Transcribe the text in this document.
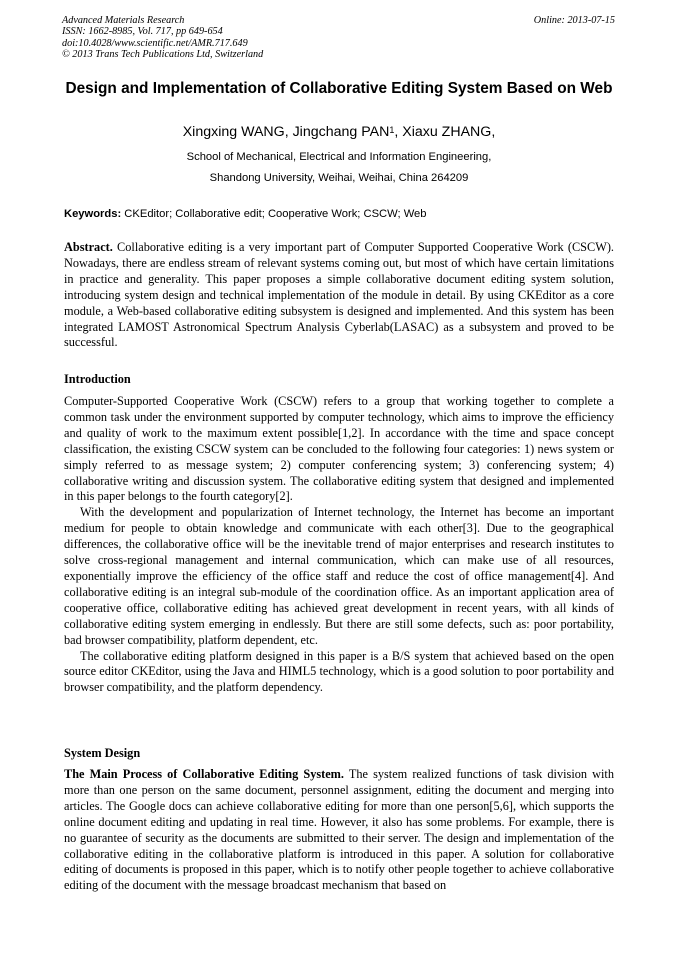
Advanced Materials Research
ISSN: 1662-8985, Vol. 717, pp 649-654
doi:10.4028/www.scientific.net/AMR.717.649
© 2013 Trans Tech Publications Ltd, Switzerland
Online: 2013-07-15
Design and Implementation of Collaborative Editing System Based on Web
Xingxing WANG, Jingchang PAN$^1$, Xiaxu ZHANG,
School of Mechanical, Electrical and Information Engineering,
Shandong University, Weihai, Weihai, China 264209
Keywords: CKEditor; Collaborative edit; Cooperative Work; CSCW; Web

Abstract. Collaborative editing is a very important part of Computer Supported Cooperative Work (CSCW). Nowadays, there are endless stream of relevant systems coming out, but most of which have certain limitations in practice and generality. This paper proposes a simple collaborative document editing system solution, introducing system design and technical implementation of the module in detail. By using CKEditor as a core module, a Web-based collaborative editing subsystem is designed and implemented. And this system has been integrated LAMOST Astronomical Spectrum Analysis Cyberlab(LASAC) as a subsystem and proved to be successful.

Introduction

Computer-Supported Cooperative Work (CSCW) refers to a group that working together to complete a common task under the environment supported by computer technology, which aims to improve the efficiency and quality of work to the maximum extent possible[1,2]. In accordance with the time and space concept classification, the existing CSCW system can be concluded to the following four categories: 1) news system or simply referred to as message system; 2) computer conferencing system; 3) conferencing system; 4) collaborative writing and discussion system. The collaborative editing system that designed and implemented in this paper belongs to the fourth category[2].

With the development and popularization of Internet technology, the Internet has become an important medium for people to obtain knowledge and communicate with each other[3]. Due to the geographical differences, the collaborative office will be the inevitable trend of major enterprises and research institutes to solve cross-regional management and internal communication, which can make use of all resources, exponentially improve the efficiency of the office staff and reduce the cost of office management[4]. And collaborative editing is an integral sub-module of the coordination office. As an important application area of cooperative office, collaborative editing has achieved great development in recent years, with all kinds of collaborative editing system emerging in endlessly. But there are still some defects, such as: poor portability, bad browser compatibility, platform dependent, etc.

The collaborative editing platform designed in this paper is a B/S system that achieved based on the open source editor CKEditor, using the Java and HIML5 technology, which is a good solution to poor portability and browser compatibility, and the platform dependency.

System Design

The Main Process of Collaborative Editing System. The system realized functions of task division with more than one person on the same document, personnel assignment, editing the document and merging into articles. The Google docs can achieve collaborative editing for more than one person[5,6], which supports the online document editing and updating in real time. However, it also has some problems. For example, there is no guarantee of security as the documents are submitted to their server. The design and implementation of the collaborative editing in the collaborative platform is introduced in this paper. A solution for collaborative editing of documents is proposed in this paper, which is to notify other people together to achieve collaborative editing of the document with the message broadcast mechanism that based on
